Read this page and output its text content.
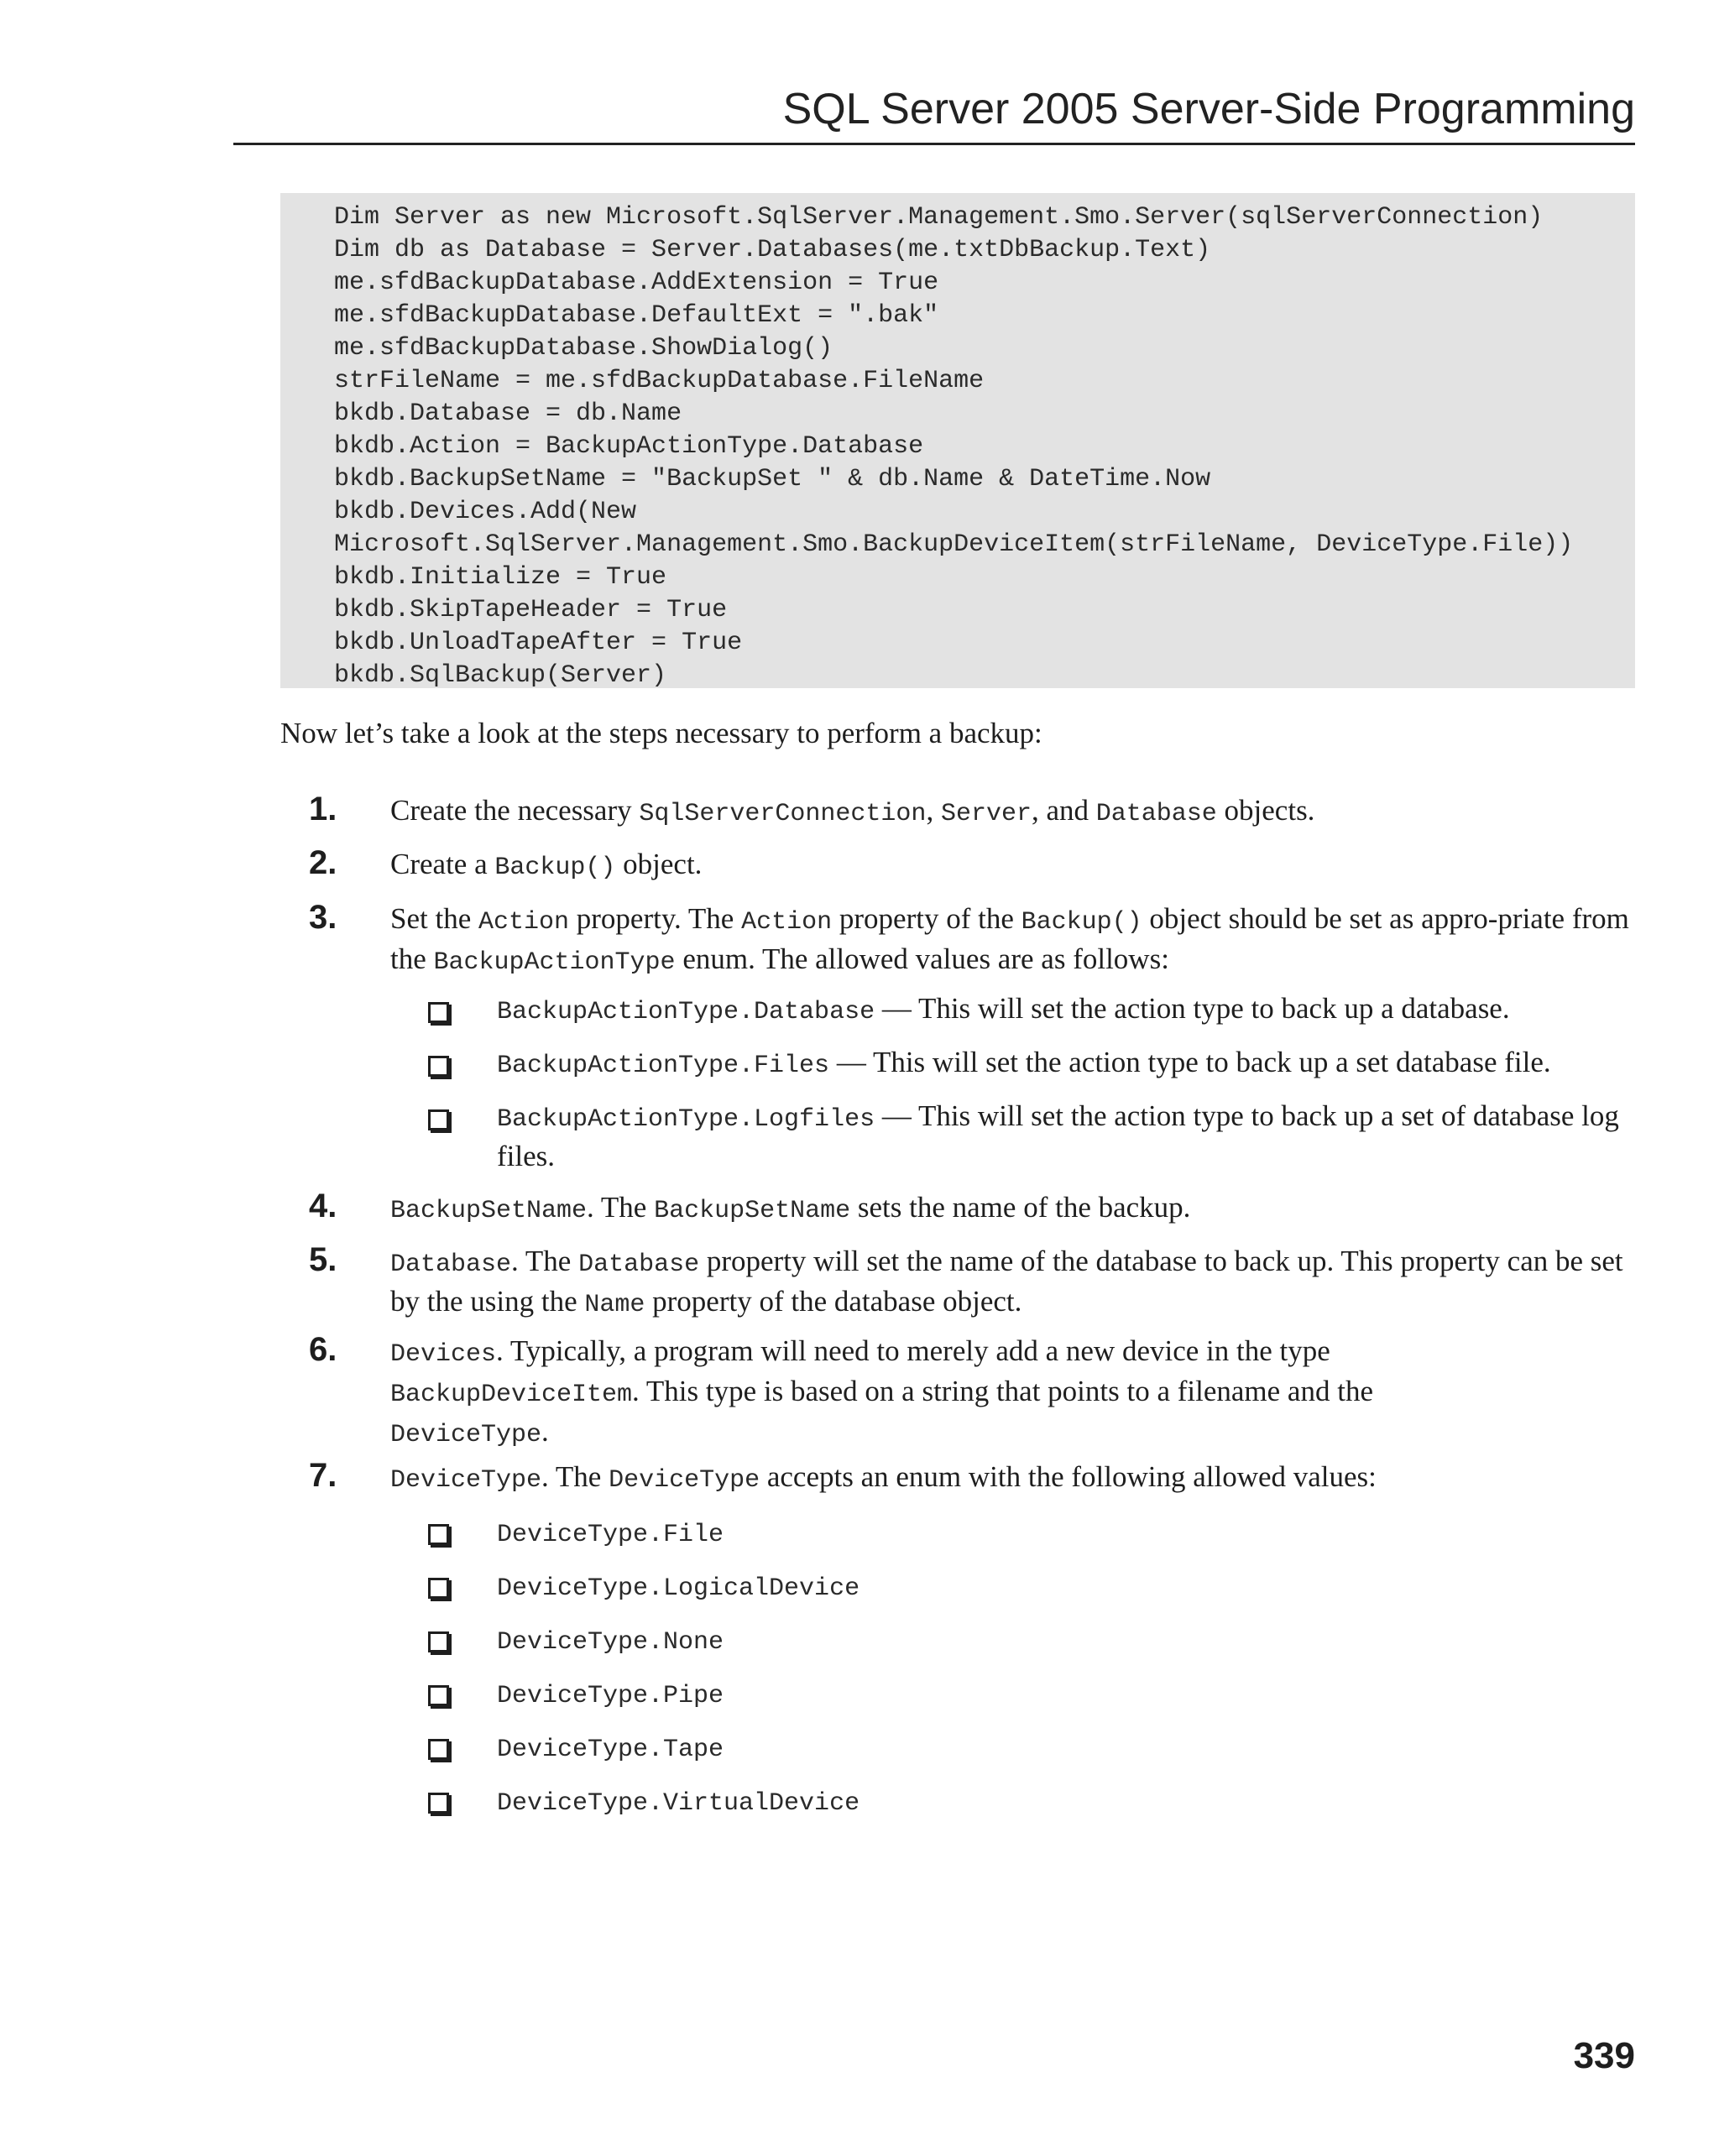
SQL Server 2005 Server-Side Programming
Dim Server as new Microsoft.SqlServer.Management.Smo.Server(sqlServerConnection)
Dim db as Database = Server.Databases(me.txtDbBackup.Text)
me.sfdBackupDatabase.AddExtension = True
me.sfdBackupDatabase.DefaultExt = ".bak"
me.sfdBackupDatabase.ShowDialog()
strFileName = me.sfdBackupDatabase.FileName
bkdb.Database = db.Name
bkdb.Action = BackupActionType.Database
bkdb.BackupSetName = "BackupSet " & db.Name & DateTime.Now
bkdb.Devices.Add(New
Microsoft.SqlServer.Management.Smo.BackupDeviceItem(strFileName, DeviceType.File))
bkdb.Initialize = True
bkdb.SkipTapeHeader = True
bkdb.UnloadTapeAfter = True
bkdb.SqlBackup(Server)
Now let’s take a look at the steps necessary to perform a backup:
1. Create the necessary SqlServerConnection, Server, and Database objects.
2. Create a Backup() object.
3. Set the Action property. The Action property of the Backup() object should be set as appro-priate from the BackupActionType enum. The allowed values are as follows:
BackupActionType.Database — This will set the action type to back up a database.
BackupActionType.Files — This will set the action type to back up a set database file.
BackupActionType.Logfiles — This will set the action type to back up a set of database log files.
4. BackupSetName. The BackupSetName sets the name of the backup.
5. Database. The Database property will set the name of the database to back up. This property can be set by the using the Name property of the database object.
6. Devices. Typically, a program will need to merely add a new device in the type BackupDeviceItem. This type is based on a string that points to a filename and the DeviceType.
7. DeviceType. The DeviceType accepts an enum with the following allowed values:
DeviceType.File
DeviceType.LogicalDevice
DeviceType.None
DeviceType.Pipe
DeviceType.Tape
DeviceType.VirtualDevice
339
